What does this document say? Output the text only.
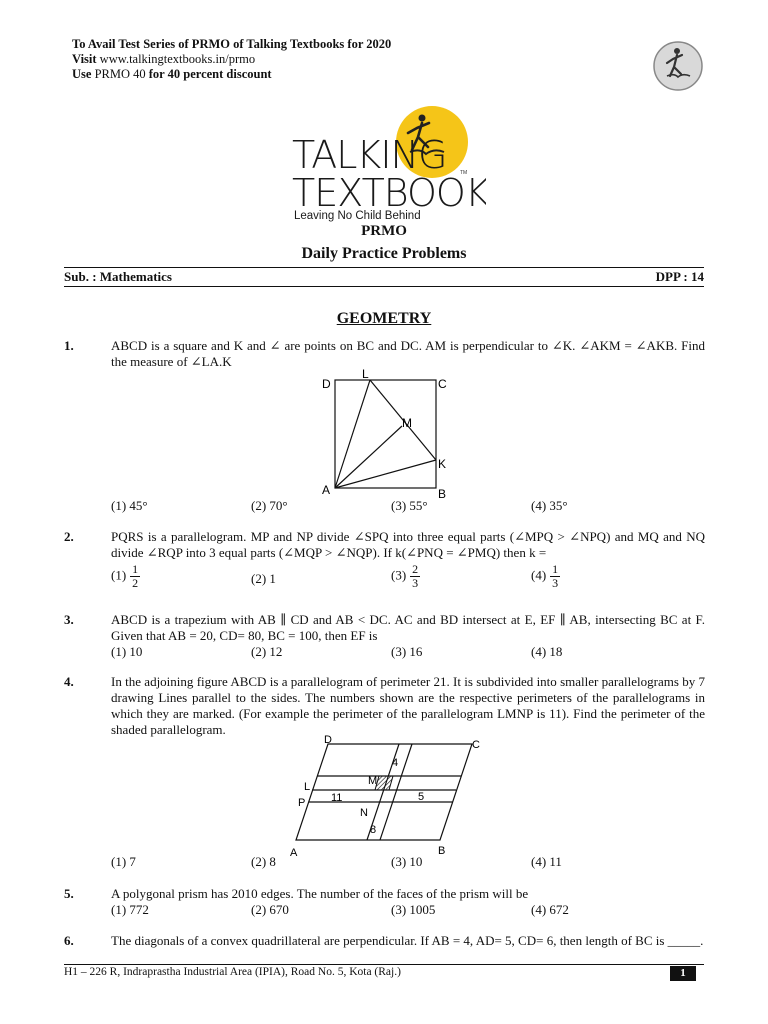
To Avail Test Series of PRMO of Talking Textbooks for 2020
Visit www.talkingtextbooks.in/prmo
Use PRMO 40 for 40 percent discount
TALKING
TEXTBOOK
TM
Leaving No Child Behind
PRMO
Daily Practice Problems
Sub. : Mathematics	DPP : 14
GEOMETRY
1.	ABCD is a square and K and ∠ are points on BC and DC. AM is perpendicular to ∠K. ∠AKM = ∠AKB. Find the measure of ∠LA.K
D
L
C
M
K
A	B
(1) 45°	(2) 70°	(3) 55°	(4) 35°
2.	PQRS is a parallelogram. MP and NP divide ∠SPQ into three equal parts (∠MPQ > ∠NPQ) and MQ and NQ divide ∠RQP into 3 equal parts (∠MQP > ∠NQP). If k(∠PNQ = ∠PMQ) then k =
$(1) \frac{1}{2}$	(2) 1	$(3) \frac{2}{3}$	$(4) \frac{1}{3}$
3.	ABCD is a trapezium with AB ∥ CD and AB < DC. AC and BD intersect at E, EF ∥ AB, intersecting BC at F. Given that AB = 20, CD= 80, BC = 100, then EF is
(1) 10	(2) 12	(3) 16	(4) 18
4.	In the adjoining figure ABCD is a parallelogram of perimeter 21. It is subdivided into smaller parallelograms by 7 drawing Lines parallel to the sides. The numbers shown are the respective perimeters of the parallelograms in which they are marked. (For example the perimeter of the parallelogram LMNP is 11). Find the perimeter of the shaded parallelogram.
D	C
L	M
P
N
A	B
4
11	5
8
(1) 7	(2) 8	(3) 10	(4) 11
5.	A polygonal prism has 2010 edges. The number of the faces of the prism will be
(1) 772	(2) 670	(3) 1005	(4) 672
6.	The diagonals of a convex quadrillateral are perpendicular. If AB = 4, AD= 5, CD= 6, then length of BC is _____.
H1 – 226 R, Indraprastha Industrial Area (IPIA), Road No. 5, Kota (Raj.)	1
